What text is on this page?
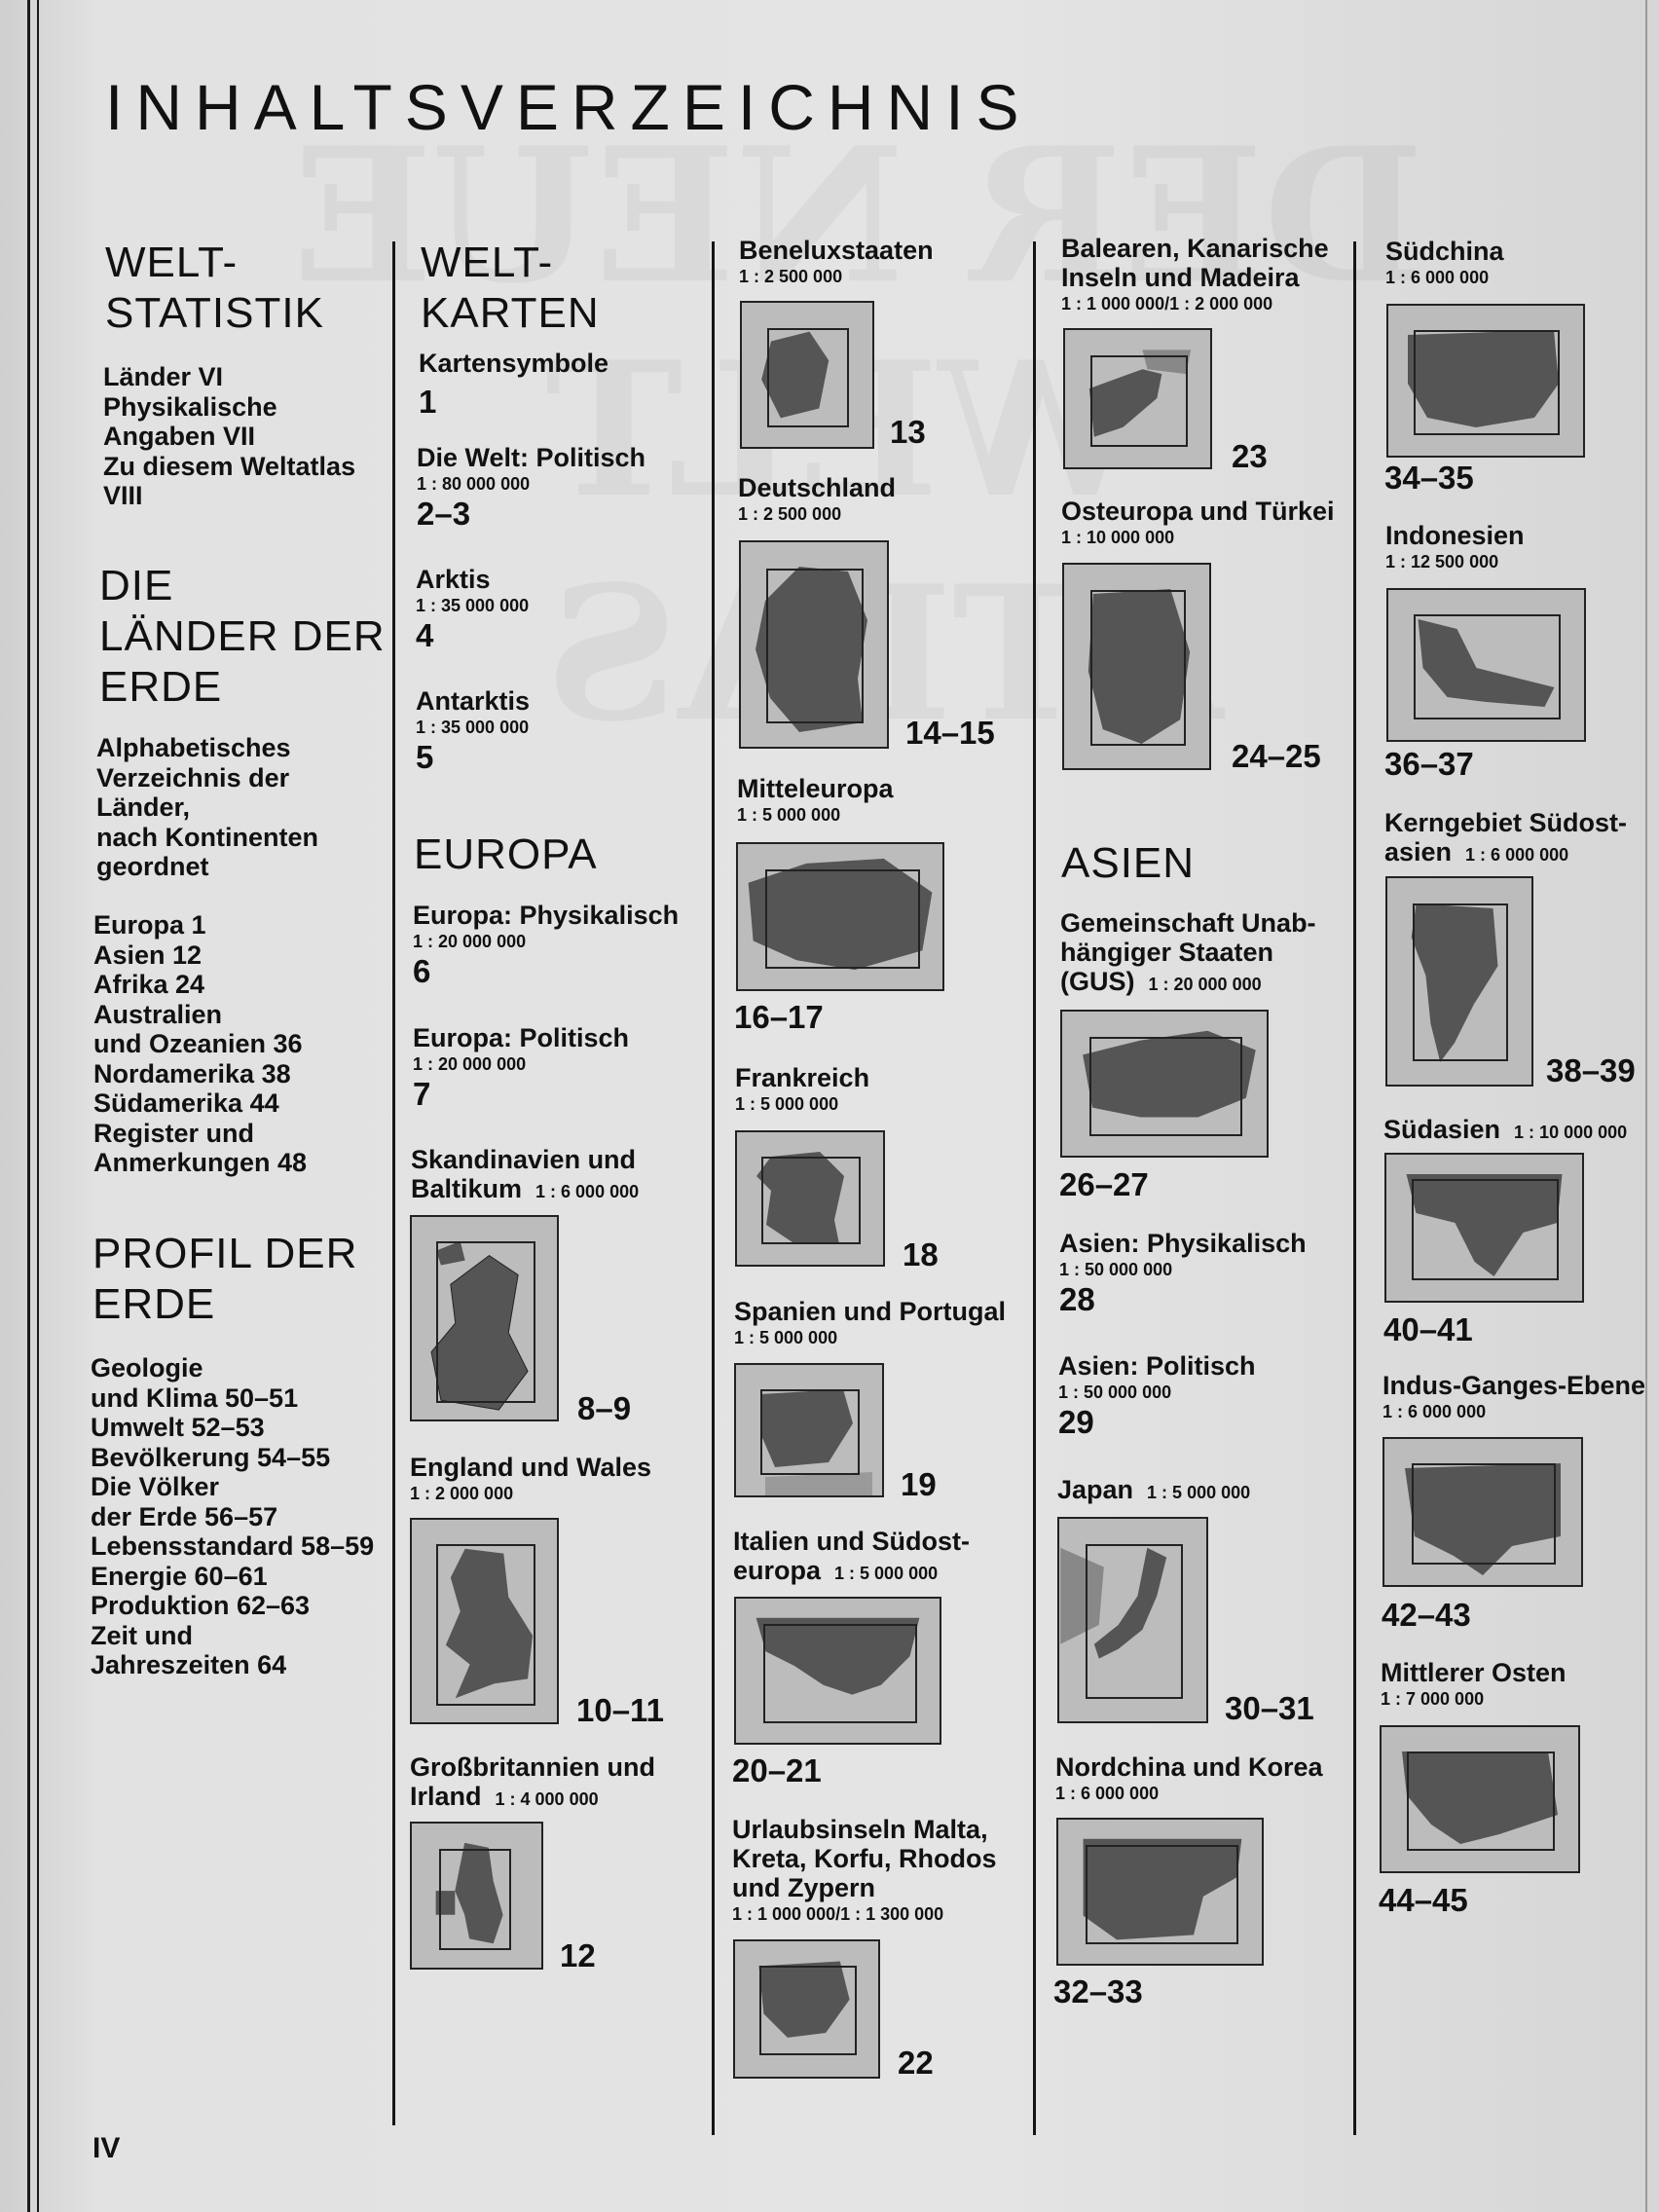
INHALTSVERZEICHNIS
WELT-
STATISTIK
Länder VI
Physikalische
Angaben VII
Zu diesem Weltatlas
VIII
DIE
LÄNDER DER
ERDE
Alphabetisches
Verzeichnis der
Länder,
nach Kontinenten
geordnet
Europa 1
Asien 12
Afrika 24
Australien
und Ozeanien 36
Nordamerika 38
Südamerika 44
Register und
Anmerkungen 48
PROFIL DER
ERDE
Geologie
und Klima 50–51
Umwelt 52–53
Bevölkerung 54–55
Die Völker
der Erde 56–57
Lebensstandard 58–59
Energie 60–61
Produktion 62–63
Zeit und
Jahreszeiten 64
WELT-
KARTEN
Kartensymbole
1
Die Welt: Politisch
1 : 80 000 000
2–3
Arktis
1 : 35 000 000
4
Antarktis
1 : 35 000 000
5
EUROPA
Europa: Physikalisch
1 : 20 000 000
6
Europa: Politisch
1 : 20 000 000
7
Skandinavien und
Baltikum 1 : 6 000 000
8–9
England und Wales
1 : 2 000 000
10–11
Großbritannien und
Irland 1 : 4 000 000
12
Beneluxstaaten
1 : 2 500 000
13
Deutschland
1 : 2 500 000
14–15
Mitteleuropa
1 : 5 000 000
16–17
Frankreich
1 : 5 000 000
18
Spanien und Portugal
1 : 5 000 000
19
Italien und Südost-
europa 1 : 5 000 000
20–21
Urlaubsinseln Malta,
Kreta, Korfu, Rhodos
und Zypern
1 : 1 000 000/1 : 1 300 000
22
Balearen, Kanarische
Inseln und Madeira
1 : 1 000 000/1 : 2 000 000
23
Osteuropa und Türkei
1 : 10 000 000
24–25
ASIEN
Gemeinschaft Unab-
hängiger Staaten
(GUS) 1 : 20 000 000
26–27
Asien: Physikalisch
1 : 50 000 000
28
Asien: Politisch
1 : 50 000 000
29
Japan 1 : 5 000 000
30–31
Nordchina und Korea
1 : 6 000 000
32–33
Südchina
1 : 6 000 000
34–35
Indonesien
1 : 12 500 000
36–37
Kerngebiet Südost-
asien 1 : 6 000 000
38–39
Südasien 1 : 10 000 000
40–41
Indus-Ganges-Ebene
1 : 6 000 000
42–43
Mittlerer Osten
1 : 7 000 000
44–45
IV
